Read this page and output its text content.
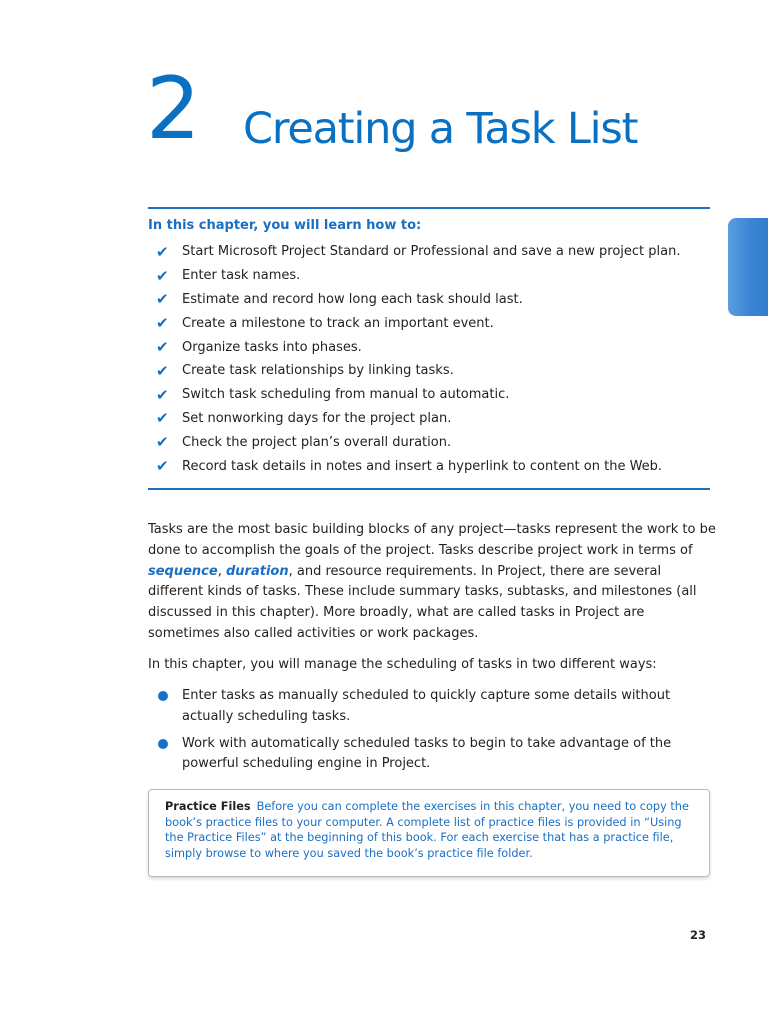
2 Creating a Task List
In this chapter, you will learn how to:
✔	Start Microsoft Project Standard or Professional and save a new project plan.
✔	Enter task names.
✔	Estimate and record how long each task should last.
✔	Create a milestone to track an important event.
✔	Organize tasks into phases.
✔	Create task relationships by linking tasks.
✔	Switch task scheduling from manual to automatic.
✔	Set nonworking days for the project plan.
✔	Check the project plan’s overall duration.
✔	Record task details in notes and insert a hyperlink to content on the Web.

Tasks are the most basic building blocks of any project—tasks represent the work to be done to accomplish the goals of the project. Tasks describe project work in terms of sequence, duration, and resource requirements. In Project, there are several different kinds of tasks. These include summary tasks, subtasks, and milestones (all discussed in this chapter). More broadly, what are called tasks in Project are sometimes also called activities or work packages.

In this chapter, you will manage the scheduling of tasks in two different ways:

Enter tasks as manually scheduled to quickly capture some details without actually scheduling tasks.
Work with automatically scheduled tasks to begin to take advantage of the powerful scheduling engine in Project.
Practice Files Before you can complete the exercises in this chapter, you need to copy the book’s practice files to your computer. A complete list of practice files is provided in “Using the Practice Files” at the beginning of this book. For each exercise that has a practice file, simply browse to where you saved the book’s practice file folder.
23
